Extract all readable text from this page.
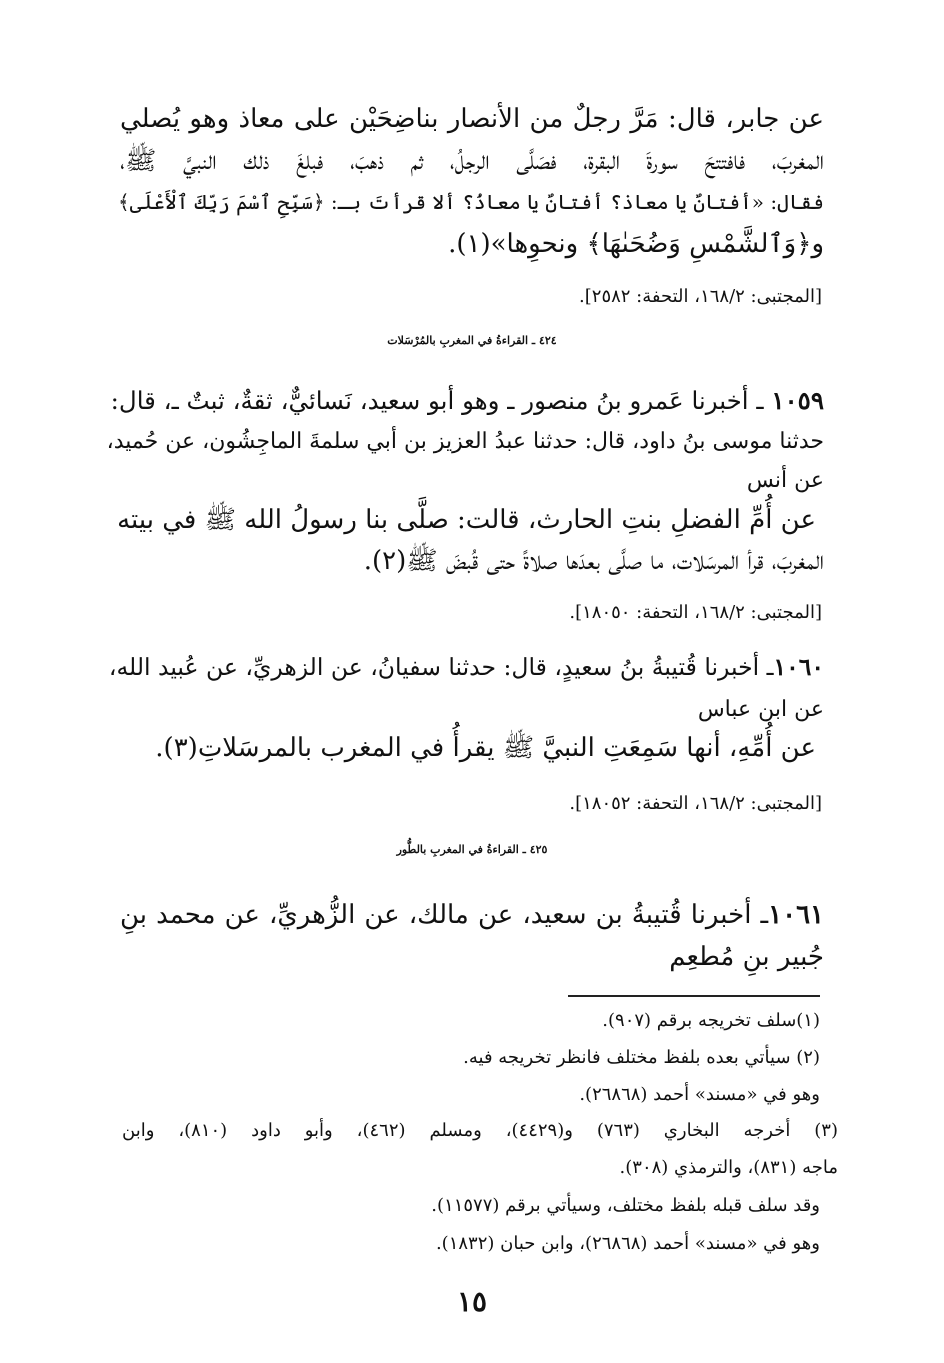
عن جابر، قال: مَرَّ رجلٌ من الأنصار بناضِحَيْن على معاذ وهو يُصلي
المغربَ، فافتتحَ سورةَ البقرة، فصَلَّى الرجلُ، ثم ذهبَ، فبلغَ ذلك النبيَّ ﷺ،
فقال: «أفتانٌ يا معاذ؟ أفتانٌ يا معاذُ؟ ألا قرأتَ بـ: ﴿سَبِّحِ ٱسْمَ رَبِّكَ ٱلْأَعْلَى﴾
و﴿وَٱلشَّمْسِ وَضُحَىٰهَا﴾ ونحوِها»(١).
[المجتبى: ١٦٨/٢، التحفة: ٢٥٨٢].
٤٢٤ ـ القراءةُ في المغربِ بالمُرْسَلات
١٠٥٩ ـ أخبرنا عَمرو بنُ منصور ـ وهو أبو سعيد، نَسائيٌّ، ثقةٌ، ثبتٌ ـ، قال:
حدثنا موسى بنُ داود، قال: حدثنا عبدُ العزيز بن أبي سلمةَ الماجِشُون، عن حُميد،
عن أنس
عن أُمِّ الفضلِ بنتِ الحارث، قالت: صلَّى بنا رسولُ الله ﷺ في بيته
المغربَ، قرأ المرسَلات، ما صلَّى بعدَها صلاةً حتى قُبضَ ﷺ(٢).
[المجتبى: ١٦٨/٢، التحفة: ١٨٠٥٠].
١٠٦٠ـ أخبرنا قُتيبةُ بنُ سعيدٍ، قال: حدثنا سفيانُ، عن الزهريِّ، عن عُبيد الله،
عن ابن عباس
عن أُمِّهِ، أنها سَمِعَتِ النبيَّ ﷺ يقرأُ في المغرب بالمرسَلاتِ(٣).
[المجتبى: ١٦٨/٢، التحفة: ١٨٠٥٢].
٤٢٥ ـ القراءةُ في المغربِ بالطُّور
١٠٦١ـ أخبرنا قُتيبةُ بن سعيد، عن مالك، عن الزُّهريِّ، عن محمد بنِ
جُبير بنِ مُطعِم
(١)سلف تخريجه برقم (٩٠٧).
(٢) سيأتي بعده بلفظ مختلف فانظر تخريجه فيه.
وهو في «مسند» أحمد (٢٦٨٦٨).
(٣) أخرجه البخاري (٧٦٣) و(٤٤٢٩)، ومسلم (٤٦٢)، وأبو داود (٨١٠)، وابن
ماجه (٨٣١)، والترمذي (٣٠٨).
وقد سلف قبله بلفظ مختلف، وسيأتي برقم (١١٥٧٧).
وهو في «مسند» أحمد (٢٦٨٦٨)، وابن حبان (١٨٣٢).
١٥
